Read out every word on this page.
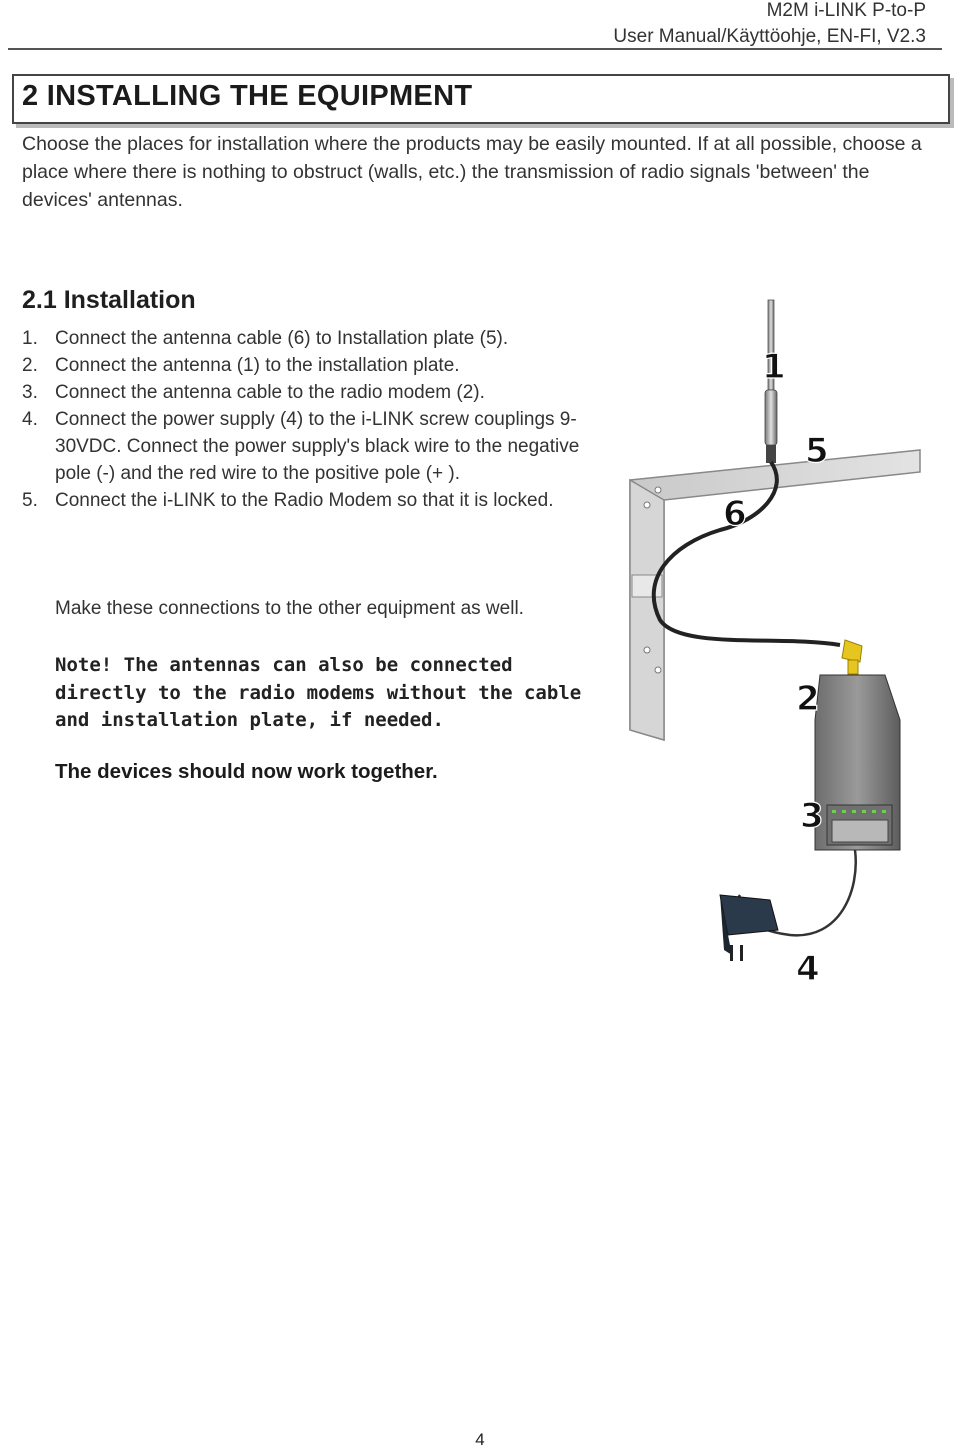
M2M i-LINK P-to-P
User Manual/Käyttöohje, EN-FI, V2.3
2 INSTALLING THE EQUIPMENT
Choose the places for installation where the products may be easily mounted. If at all possible, choose a place where there is nothing to obstruct (walls, etc.) the transmission of radio signals 'between' the devices' antennas.
2.1 Installation
1. Connect the antenna cable (6) to Installation plate (5).
2. Connect the antenna (1) to the installation plate.
3. Connect the antenna cable to the radio modem (2).
4. Connect the power supply (4) to the i-LINK screw couplings 9-30VDC. Connect the power supply's black wire to the negative pole (-) and the red wire to the positive pole (+ ).
5. Connect the i-LINK to the Radio Modem so that it is locked.
Make these connections to the other equipment as well.
Note! The antennas can also be connected directly to the radio modems without the cable and installation plate, if needed.
The devices should now work together.
1
5
6
2
3
4
4
